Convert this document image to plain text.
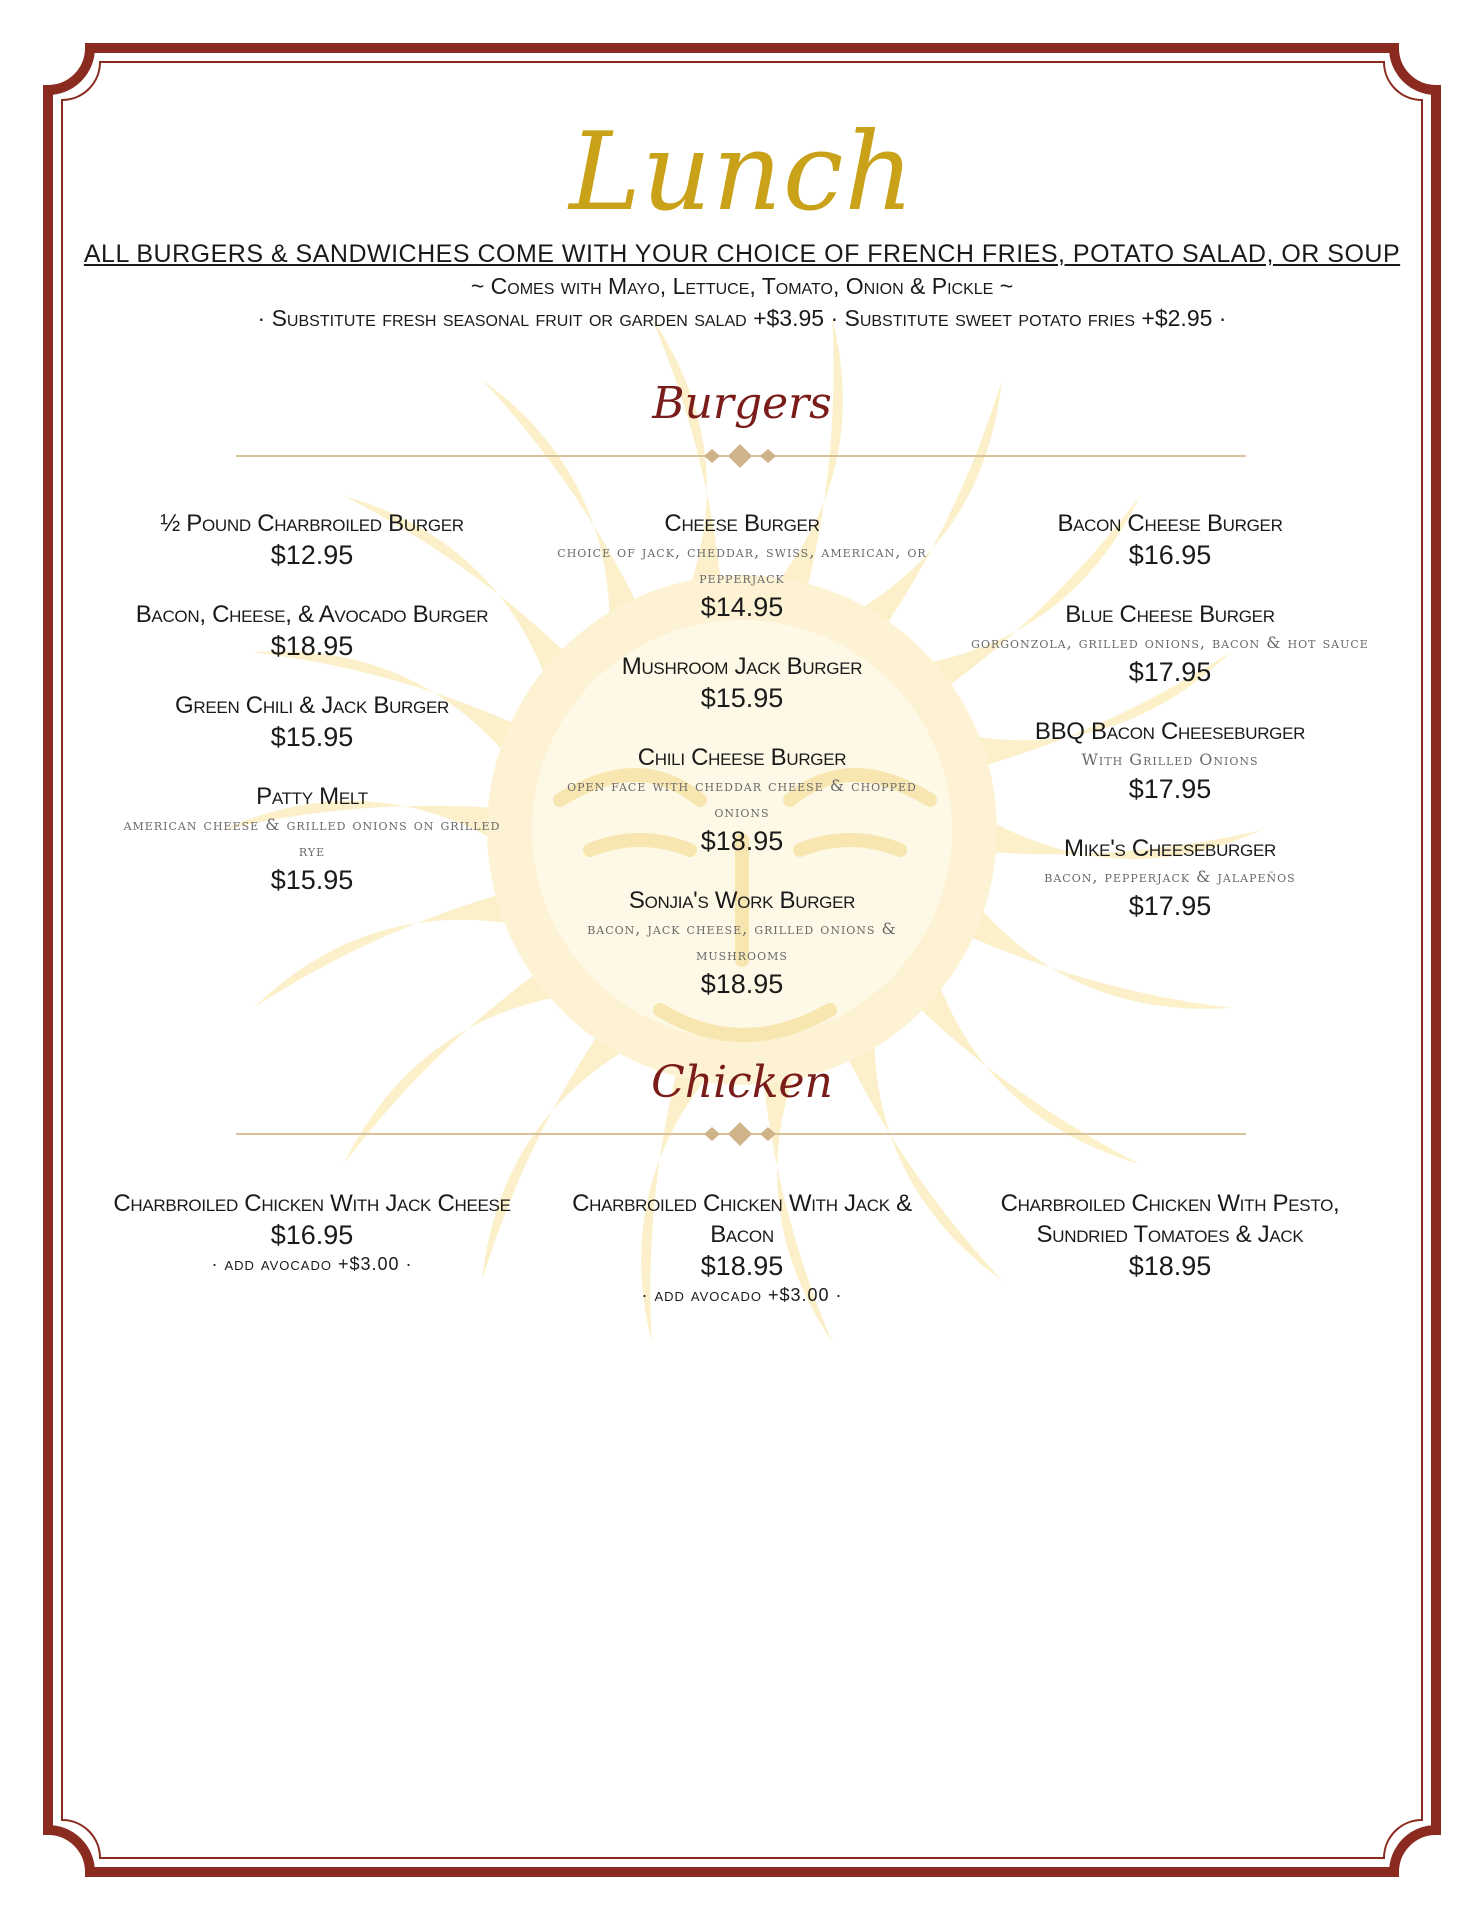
Lunch
ALL BURGERS & SANDWICHES COME WITH YOUR CHOICE OF FRENCH FRIES, POTATO SALAD, OR SOUP
~ Comes with Mayo, Lettuce, Tomato, Onion & Pickle ~
· Substitute fresh seasonal fruit or garden salad +$3.95 · Substitute sweet potato fries +$2.95 ·
Burgers
½ Pound Charbroiled Burger
$12.95
Bacon, Cheese, & Avocado Burger
$18.95
Green Chili & Jack Burger
$15.95
Patty Melt
american cheese & grilled onions on grilled rye
$15.95
Cheese Burger
choice of jack, cheddar, swiss, american, or pepperjack
$14.95
Mushroom Jack Burger
$15.95
Chili Cheese Burger
open face with cheddar cheese & chopped onions
$18.95
Sonjia's Work Burger
bacon, jack cheese, grilled onions & mushrooms
$18.95
Bacon Cheese Burger
$16.95
Blue Cheese Burger
gorgonzola, grilled onions, bacon & hot sauce
$17.95
BBQ Bacon Cheeseburger
With Grilled Onions
$17.95
Mike's Cheeseburger
bacon, pepperjack & jalapeños
$17.95
Chicken
Charbroiled Chicken With Jack Cheese
$16.95
· add avocado +$3.00 ·
Charbroiled Chicken With Jack & Bacon
$18.95
· add avocado +$3.00 ·
Charbroiled Chicken With Pesto, Sundried Tomatoes & Jack
$18.95
